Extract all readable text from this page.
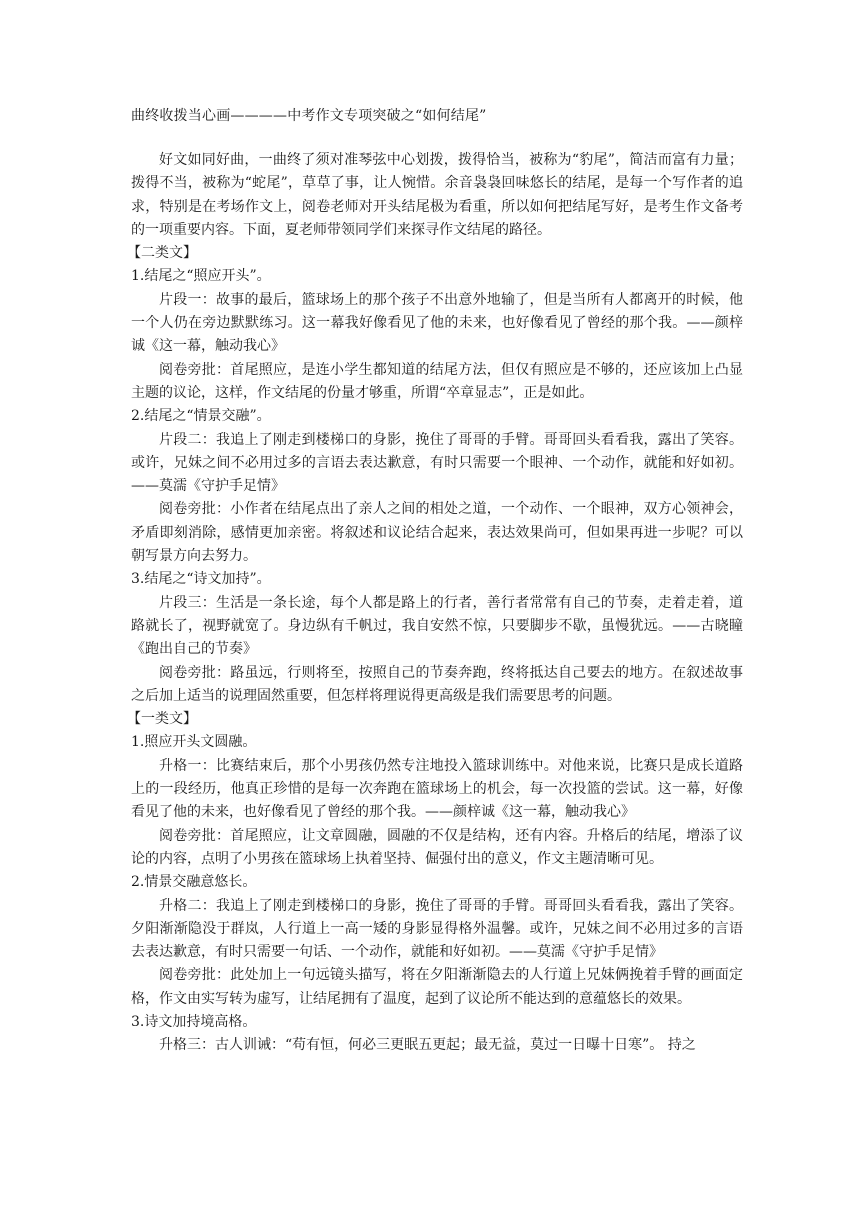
曲终收拨当心画————中考作文专项突破之“如何结尾”

好文如同好曲，一曲终了须对准琴弦中心划拨，拨得恰当，被称为“豹尾”，简洁而富有力量；拨得不当，被称为“蛇尾”，草草了事，让人惋惜。余音袅袅回味悠长的结尾，是每一个写作者的追求，特别是在考场作文上，阅卷老师对开头结尾极为看重，所以如何把结尾写好，是考生作文备考的一项重要内容。下面，夏老师带领同学们来探寻作文结尾的路径。

【二类文】

1.结尾之“照应开头”。

片段一：故事的最后，篮球场上的那个孩子不出意外地输了，但是当所有人都离开的时候，他一个人仍在旁边默默练习。这一幕我好像看见了他的未来，也好像看见了曾经的那个我。——颜梓诚《这一幕，触动我心》

阅卷旁批：首尾照应，是连小学生都知道的结尾方法，但仅有照应是不够的，还应该加上凸显主题的议论，这样，作文结尾的份量才够重，所谓“卒章显志”，正是如此。

2.结尾之“情景交融”。

片段二：我追上了刚走到楼梯口的身影，挽住了哥哥的手臂。哥哥回头看看我，露出了笑容。或许，兄妹之间不必用过多的言语去表达歉意，有时只需要一个眼神、一个动作，就能和好如初。——莫濡《守护手足情》

阅卷旁批：小作者在结尾点出了亲人之间的相处之道，一个动作、一个眼神，双方心领神会，矛盾即刻消除，感情更加亲密。将叙述和议论结合起来，表达效果尚可，但如果再进一步呢？可以朝写景方向去努力。

3.结尾之“诗文加持”。

片段三：生活是一条长途，每个人都是路上的行者，善行者常常有自己的节奏，走着走着，道路就长了，视野就宽了。身边纵有千帆过，我自安然不惊，只要脚步不歇，虽慢犹远。——古晓瞳《跑出自己的节奏》

阅卷旁批：路虽远，行则将至，按照自己的节奏奔跑，终将抵达自己要去的地方。在叙述故事之后加上适当的说理固然重要，但怎样将理说得更高级是我们需要思考的问题。

【一类文】

1.照应开头文圆融。

升格一：比赛结束后，那个小男孩仍然专注地投入篮球训练中。对他来说，比赛只是成长道路上的一段经历，他真正珍惜的是每一次奔跑在篮球场上的机会，每一次投篮的尝试。这一幕，好像看见了他的未来，也好像看见了曾经的那个我。——颜梓诚《这一幕，触动我心》

阅卷旁批：首尾照应，让文章圆融，圆融的不仅是结构，还有内容。升格后的结尾，增添了议论的内容，点明了小男孩在篮球场上执着坚持、倔强付出的意义，作文主题清晰可见。

2.情景交融意悠长。

升格二：我追上了刚走到楼梯口的身影，挽住了哥哥的手臂。哥哥回头看看我，露出了笑容。夕阳渐渐隐没于群岚，人行道上一高一矮的身影显得格外温馨。或许，兄妹之间不必用过多的言语去表达歉意，有时只需要一句话、一个动作，就能和好如初。——莫濡《守护手足情》

阅卷旁批：此处加上一句远镜头描写，将在夕阳渐渐隐去的人行道上兄妹俩挽着手臂的画面定格，作文由实写转为虚写，让结尾拥有了温度，起到了议论所不能达到的意蕴悠长的效果。

3.诗文加持境高格。

升格三：古人训诫：“苟有恒，何必三更眠五更起；最无益，莫过一日曝十日寒”。 持之
